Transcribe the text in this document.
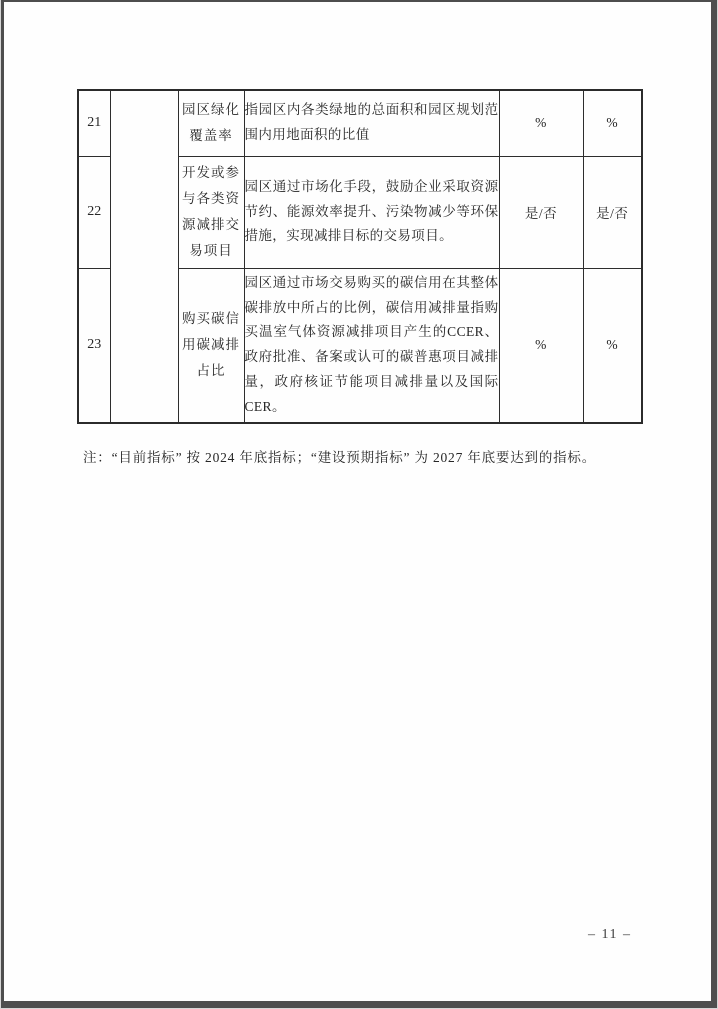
21		园区绿化覆盖率	指园区内各类绿地的总面积和园区规划范围内用地面积的比值	%	%
22		开发或参与各类资源减排交易项目	园区通过市场化手段，鼓励企业采取资源节约、能源效率提升、污染物减少等环保措施，实现减排目标的交易项目。	是/否	是/否
23		购买碳信用碳减排占比	园区通过市场交易购买的碳信用在其整体碳排放中所占的比例，碳信用减排量指购买温室气体资源减排项目产生的CCER、政府批准、备案或认可的碳普惠项目减排量，政府核证节能项目减排量以及国际 CER。	%	%
注：“目前指标” 按 2024 年底指标；“建设预期指标” 为 2027 年底要达到的指标。
– 11 –
